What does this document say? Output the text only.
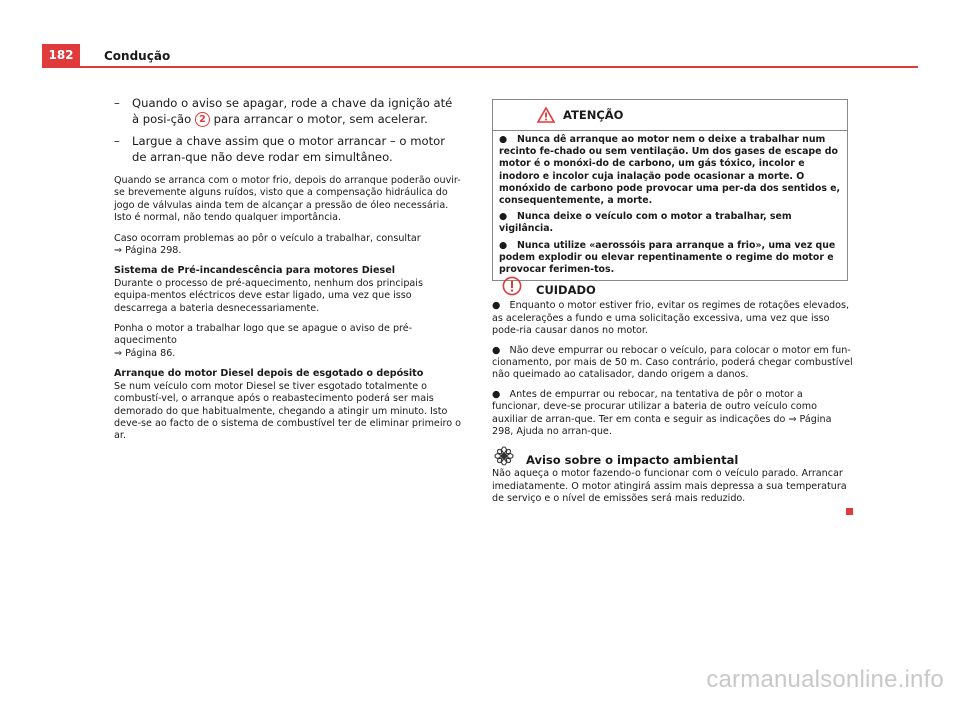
182	Condução
–	Quando o aviso se apagar, rode a chave da ignição até à posi-ção 2 para arrancar o motor, sem acelerar.
–	Largue a chave assim que o motor arrancar – o motor de arran-que não deve rodar em simultâneo.

Quando se arranca com o motor frio, depois do arranque poderão ouvir-se brevemente alguns ruídos, visto que a compensação hidráulica do jogo de válvulas ainda tem de alcançar a pressão de óleo necessária. Isto é normal, não tendo qualquer importância.

Caso ocorram problemas ao pôr o veículo a trabalhar, consultar
⇒ Página 298.

Sistema de Pré-incandescência para motores Diesel

Durante o processo de pré-aquecimento, nenhum dos principais equipa-mentos eléctricos deve estar ligado, uma vez que isso descarrega a bateria desnecessariamente.

Ponha o motor a trabalhar logo que se apague o aviso de pré-aquecimento
⇒ Página 86.

Arranque do motor Diesel depois de esgotado o depósito

Se num veículo com motor Diesel se tiver esgotado totalmente o combustí-vel, o arranque após o reabastecimento poderá ser mais demorado do que habitualmente, chegando a atingir um minuto. Isto deve-se ao facto de o sistema de combustível ter de eliminar primeiro o ar.

ATENÇÃO

● Nunca dê arranque ao motor nem o deixe a trabalhar num recinto fe-chado ou sem ventilação. Um dos gases de escape do motor é o monóxi-do de carbono, um gás tóxico, incolor e inodoro e incolor cuja inalação pode ocasionar a morte. O monóxido de carbono pode provocar uma per-da dos sentidos e, consequentemente, a morte.

● Nunca deixe o veículo com o motor a trabalhar, sem vigilância.

● Nunca utilize «aerossóis para arranque a frio», uma vez que podem explodir ou elevar repentinamente o regime do motor e provocar ferimen-tos.

CUIDADO

● Enquanto o motor estiver frio, evitar os regimes de rotações elevados, as acelerações a fundo e uma solicitação excessiva, uma vez que isso pode-ria causar danos no motor.

● Não deve empurrar ou rebocar o veículo, para colocar o motor em fun-cionamento, por mais de 50 m. Caso contrário, poderá chegar combustível não queimado ao catalisador, dando origem a danos.

● Antes de empurrar ou rebocar, na tentativa de pôr o motor a funcionar, deve-se procurar utilizar a bateria de outro veículo como auxiliar de arran-que. Ter em conta e seguir as indicações do ⇒ Página 298, Ajuda no arran-que.

Aviso sobre o impacto ambiental

Não aqueça o motor fazendo-o funcionar com o veículo parado. Arrancar imediatamente. O motor atingirá assim mais depressa a sua temperatura de serviço e o nível de emissões será mais reduzido.

carmanualsonline.info
